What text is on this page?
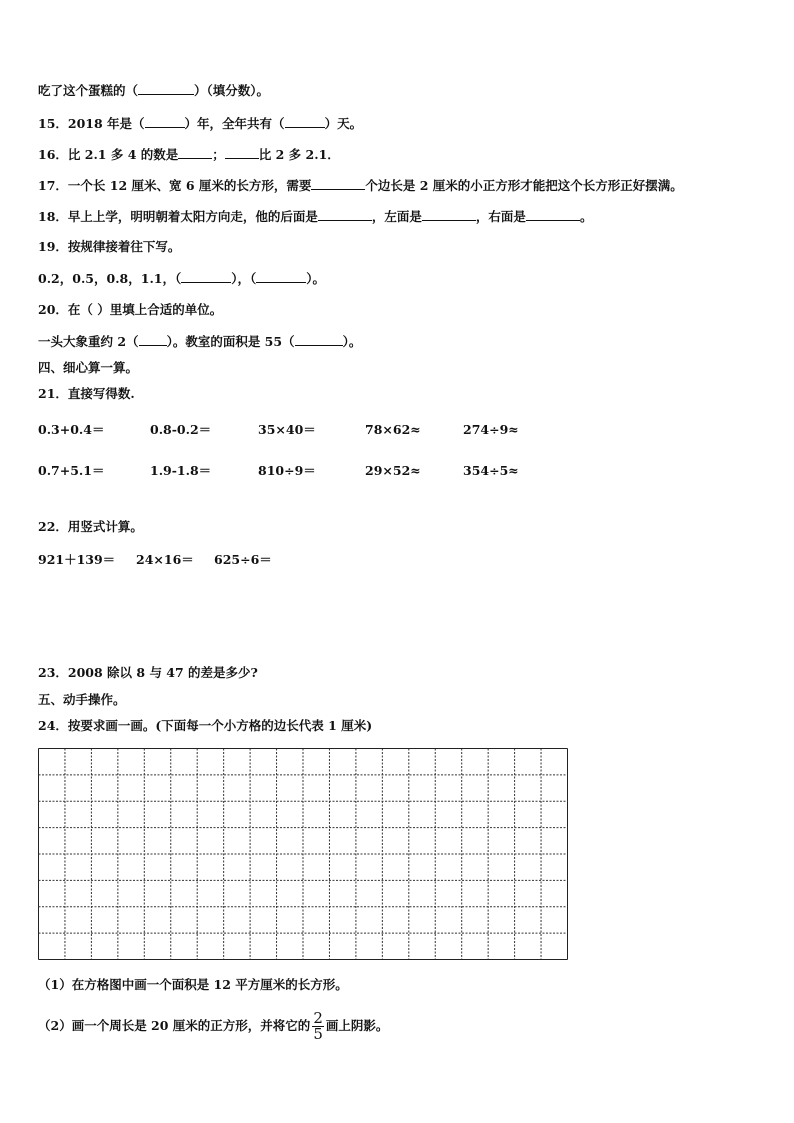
吃了这个蛋糕的（	）（填分数）。
15．2018 年是（	）年，全年共有（	）天。
16．比 2.1 多 4 的数是	；	比 2 多 2.1．
17．一个长 12 厘米、宽 6 厘米的长方形，需要	个边长是 2 厘米的小正方形才能把这个长方形正好摆满。
18．早上上学，明明朝着太阳方向走，他的后面是	，左面是	，右面是	。
19．按规律接着往下写。
0.2，0.5，0.8，1.1，（	），（	）。
20．在（ ）里填上合适的单位。
一头大象重约 2（ ）。教室的面积是 55（	）。
四、细心算一算。
21．直接写得数.
0.3+0.4＝	0.8-0.2＝	35×40＝	78×62≈	274÷9≈
0.7+5.1＝	1.9-1.8＝	810÷9＝	29×52≈	354÷5≈
22．用竖式计算。
921＋139＝ 24×16＝ 625÷6＝
23．2008 除以 8 与 47 的差是多少?
五、动手操作。
24．按要求画一画。(下面每一个小方格的边长代表 1 厘米)
（1）在方格图中画一个面积是 12 平方厘米的长方形。
（2）画一个周长是 20 厘米的正方形，并将它的 $\frac{2}{5}$ 画上阴影。
